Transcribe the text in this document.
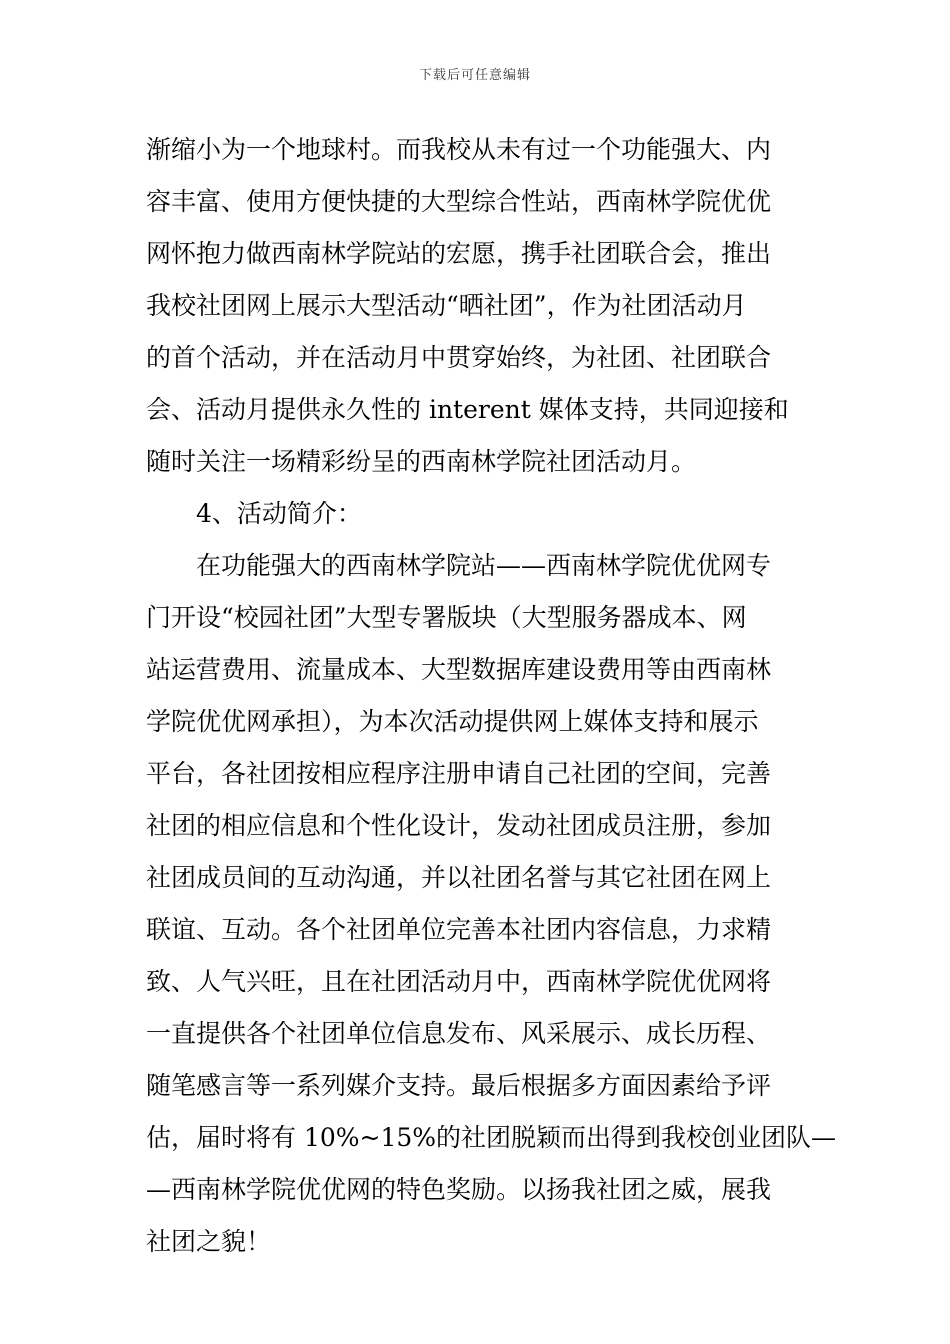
下载后可任意编辑
渐缩小为一个地球村。而我校从未有过一个功能强大、内
容丰富、使用方便快捷的大型综合性站，西南林学院优优
网怀抱力做西南林学院站的宏愿，携手社团联合会，推出
我校社团网上展示大型活动“晒社团”，作为社团活动月
的首个活动，并在活动月中贯穿始终，为社团、社团联合
会、活动月提供永久性的 interent 媒体支持，共同迎接和
随时关注一场精彩纷呈的西南林学院社团活动月。
4、活动简介：
在功能强大的西南林学院站——西南林学院优优网专
门开设“校园社团”大型专署版块（大型服务器成本、网
站运营费用、流量成本、大型数据库建设费用等由西南林
学院优优网承担），为本次活动提供网上媒体支持和展示
平台，各社团按相应程序注册申请自己社团的空间，完善
社团的相应信息和个性化设计，发动社团成员注册，参加
社团成员间的互动沟通，并以社团名誉与其它社团在网上
联谊、互动。各个社团单位完善本社团内容信息，力求精
致、人气兴旺，且在社团活动月中，西南林学院优优网将
一直提供各个社团单位信息发布、风采展示、成长历程、
随笔感言等一系列媒介支持。最后根据多方面因素给予评
估，届时将有 10%~15%的社团脱颖而出得到我校创业团队—
—西南林学院优优网的特色奖励。以扬我社团之威，展我
社团之貌！
